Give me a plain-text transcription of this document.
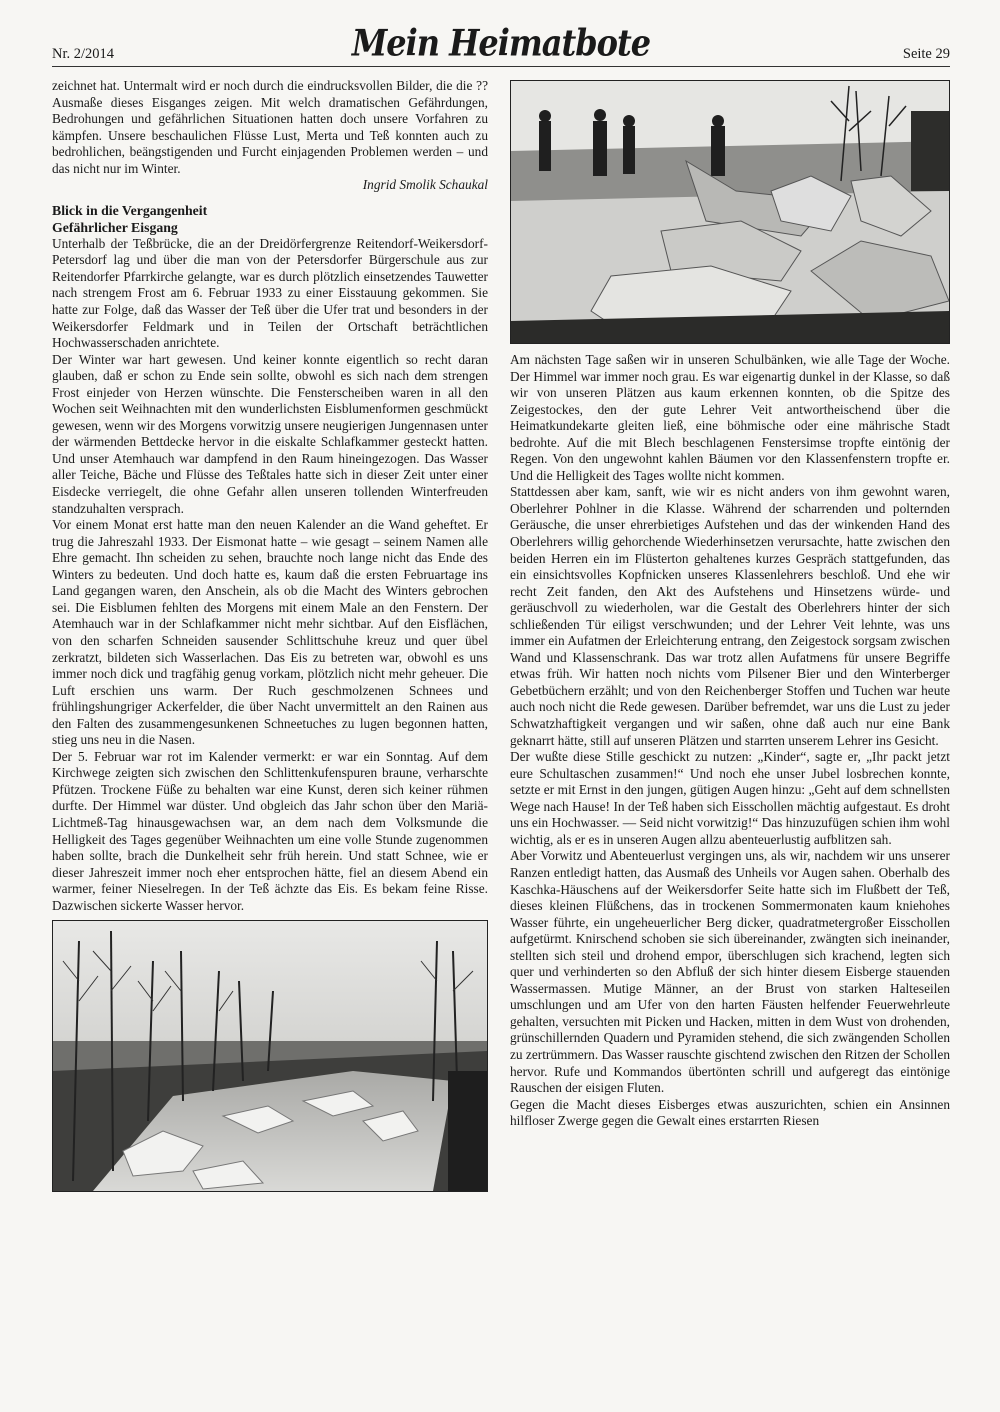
Nr. 2/2014	Mein Heimatbote	Seite 29

zeichnet hat. Untermalt wird er noch durch die eindrucksvollen Bilder, die die ?? Ausmaße dieses Eisganges zeigen. Mit welch dramatischen Gefährdungen, Bedrohungen und gefährlichen Situationen hatten doch unsere Vorfahren zu kämpfen. Unsere beschaulichen Flüsse Lust, Merta und Teß konnten auch zu bedrohlichen, beängstigenden und Furcht einjagenden Problemen werden – und das nicht nur im Winter.

Ingrid Smolik Schaukal

Blick in die Vergangenheit

Gefährlicher Eisgang

Unterhalb der Teßbrücke, die an der Dreidörfergrenze Reitendorf-Weikersdorf-Petersdorf lag und über die man von der Petersdorfer Bürgerschule aus zur Reitendorfer Pfarrkirche gelangte, war es durch plötzlich einsetzendes Tauwetter nach strengem Frost am 6. Februar 1933 zu einer Eisstauung gekommen. Sie hatte zur Folge, daß das Wasser der Teß über die Ufer trat und besonders in der Weikersdorfer Feldmark und in Teilen der Ortschaft beträchtlichen Hochwasserschaden anrichtete.

Der Winter war hart gewesen. Und keiner konnte eigentlich so recht daran glauben, daß er schon zu Ende sein sollte, obwohl es sich nach dem strengen Frost einjeder von Herzen wünschte. Die Fensterscheiben waren in all den Wochen seit Weihnachten mit den wunderlichsten Eisblumenformen geschmückt gewesen, wenn wir des Morgens vorwitzig unsere neugierigen Jungennasen unter der wärmenden Bettdecke hervor in die eiskalte Schlafkammer gesteckt hatten. Und unser Atemhauch war dampfend in den Raum hineingezogen. Das Wasser aller Teiche, Bäche und Flüsse des Teßtales hatte sich in dieser Zeit unter einer Eisdecke verriegelt, die ohne Gefahr allen unseren tollenden Winterfreuden standzuhalten versprach.

Vor einem Monat erst hatte man den neuen Kalender an die Wand geheftet. Er trug die Jahreszahl 1933. Der Eismonat hatte – wie gesagt – seinem Namen alle Ehre gemacht. Ihn scheiden zu sehen, brauchte noch lange nicht das Ende des Winters zu bedeuten. Und doch hatte es, kaum daß die ersten Februartage ins Land gegangen waren, den Anschein, als ob die Macht des Winters gebrochen sei. Die Eisblumen fehlten des Morgens mit einem Male an den Fenstern. Der Atemhauch war in der Schlafkammer nicht mehr sichtbar. Auf den Eisflächen, von den scharfen Schneiden sausender Schlittschuhe kreuz und quer übel zerkratzt, bildeten sich Wasserlachen. Das Eis zu betreten war, obwohl es uns immer noch dick und tragfähig genug vorkam, plötzlich nicht mehr geheuer. Die Luft erschien uns warm. Der Ruch geschmolzenen Schnees und frühlingshungriger Ackerfelder, die über Nacht unvermittelt an den Rainen aus den Falten des zusammengesunkenen Schneetuches zu lugen begonnen hatten, stieg uns neu in die Nasen.

Der 5. Februar war rot im Kalender vermerkt: er war ein Sonntag. Auf dem Kirchwege zeigten sich zwischen den Schlittenkufenspuren braune, verharschte Pfützen. Trockene Füße zu behalten war eine Kunst, deren sich keiner rühmen durfte. Der Himmel war düster. Und obgleich das Jahr schon über den Mariä-Lichtmeß-Tag hinausgewachsen war, an dem nach dem Volksmunde die Helligkeit des Tages gegenüber Weihnachten um eine volle Stunde zugenommen haben sollte, brach die Dunkelheit sehr früh herein. Und statt Schnee, wie er dieser Jahreszeit immer noch eher entsprochen hätte, fiel an diesem Abend ein warmer, feiner Nieselregen. In der Teß ächzte das Eis. Es bekam feine Risse. Dazwischen sickerte Wasser hervor.

Am nächsten Tage saßen wir in unseren Schulbänken, wie alle Tage der Woche. Der Himmel war immer noch grau. Es war eigenartig dunkel in der Klasse, so daß wir von unseren Plätzen aus kaum erkennen konnten, ob die Spitze des Zeigestockes, den der gute Lehrer Veit antwortheischend über die Heimatkundekarte gleiten ließ, eine böhmische oder eine mährische Stadt bedrohte. Auf die mit Blech beschlagenen Fenstersimse tropfte eintönig der Regen. Von den ungewohnt kahlen Bäumen vor den Klassenfenstern tropfte er. Und die Helligkeit des Tages wollte nicht kommen.

Stattdessen aber kam, sanft, wie wir es nicht anders von ihm gewohnt waren, Oberlehrer Pohlner in die Klasse. Während der scharrenden und polternden Geräusche, die unser ehrerbietiges Aufstehen und das der winkenden Hand des Oberlehrers willig gehorchende Wiederhinsetzen verursachte, hatte zwischen den beiden Herren ein im Flüsterton gehaltenes kurzes Gespräch stattgefunden, das ein einsichtsvolles Kopfnicken unseres Klassenlehrers beschloß. Und ehe wir recht Zeit fanden, den Akt des Aufstehens und Hinsetzens würde- und geräuschvoll zu wiederholen, war die Gestalt des Oberlehrers hinter der sich schließenden Tür eiligst verschwunden; und der Lehrer Veit lehnte, was uns immer ein Aufatmen der Erleichterung entrang, den Zeigestock sorgsam zwischen Wand und Klassenschrank. Das war trotz allen Aufatmens für unsere Begriffe etwas früh. Wir hatten noch nichts vom Pilsener Bier und den Winterberger Gebetbüchern erzählt; und von den Reichenberger Stoffen und Tuchen war heute auch noch nicht die Rede gewesen. Darüber befremdet, war uns die Lust zu jeder Schwatzhaftigkeit vergangen und wir saßen, ohne daß auch nur eine Bank geknarrt hätte, still auf unseren Plätzen und starrten unserem Lehrer ins Gesicht.

Der wußte diese Stille geschickt zu nutzen: „Kinder“, sagte er, „Ihr packt jetzt eure Schultaschen zusammen!“ Und noch ehe unser Jubel losbrechen konnte, setzte er mit Ernst in den jungen, gütigen Augen hinzu: „Geht auf dem schnellsten Wege nach Hause! In der Teß haben sich Eisschollen mächtig aufgestaut. Es droht uns ein Hochwasser. — Seid nicht vorwitzig!“ Das hinzuzufügen schien ihm wohl wichtig, als er es in unseren Augen allzu abenteuerlustig aufblitzen sah.

Aber Vorwitz und Abenteuerlust vergingen uns, als wir, nachdem wir uns unserer Ranzen entledigt hatten, das Ausmaß des Unheils vor Augen sahen. Oberhalb des Kaschka-Häuschens auf der Weikersdorfer Seite hatte sich im Flußbett der Teß, dieses kleinen Flüßchens, das in trockenen Sommermonaten kaum kniehohes Wasser führte, ein ungeheuerlicher Berg dicker, quadratmetergroßer Eisschollen aufgetürmt. Knirschend schoben sie sich übereinander, zwängten sich ineinander, stellten sich steil und drohend empor, überschlugen sich krachend, legten sich quer und verhinderten so den Abfluß der sich hinter diesem Eisberge stauenden Wassermassen. Mutige Männer, an der Brust von starken Halteseilen umschlungen und am Ufer von den harten Fäusten helfender Feuerwehrleute gehalten, versuchten mit Picken und Hacken, mitten in dem Wust von drohenden, grünschillernden Quadern und Pyramiden stehend, die sich zwängenden Schollen zu zertrümmern. Das Wasser rauschte gischtend zwischen den Ritzen der Schollen hervor. Rufe und Kommandos übertönten schrill und aufgeregt das eintönige Rauschen der eisigen Fluten.

Gegen die Macht dieses Eisberges etwas auszurichten, schien ein Ansinnen hilfloser Zwerge gegen die Gewalt eines erstarrten Riesen
